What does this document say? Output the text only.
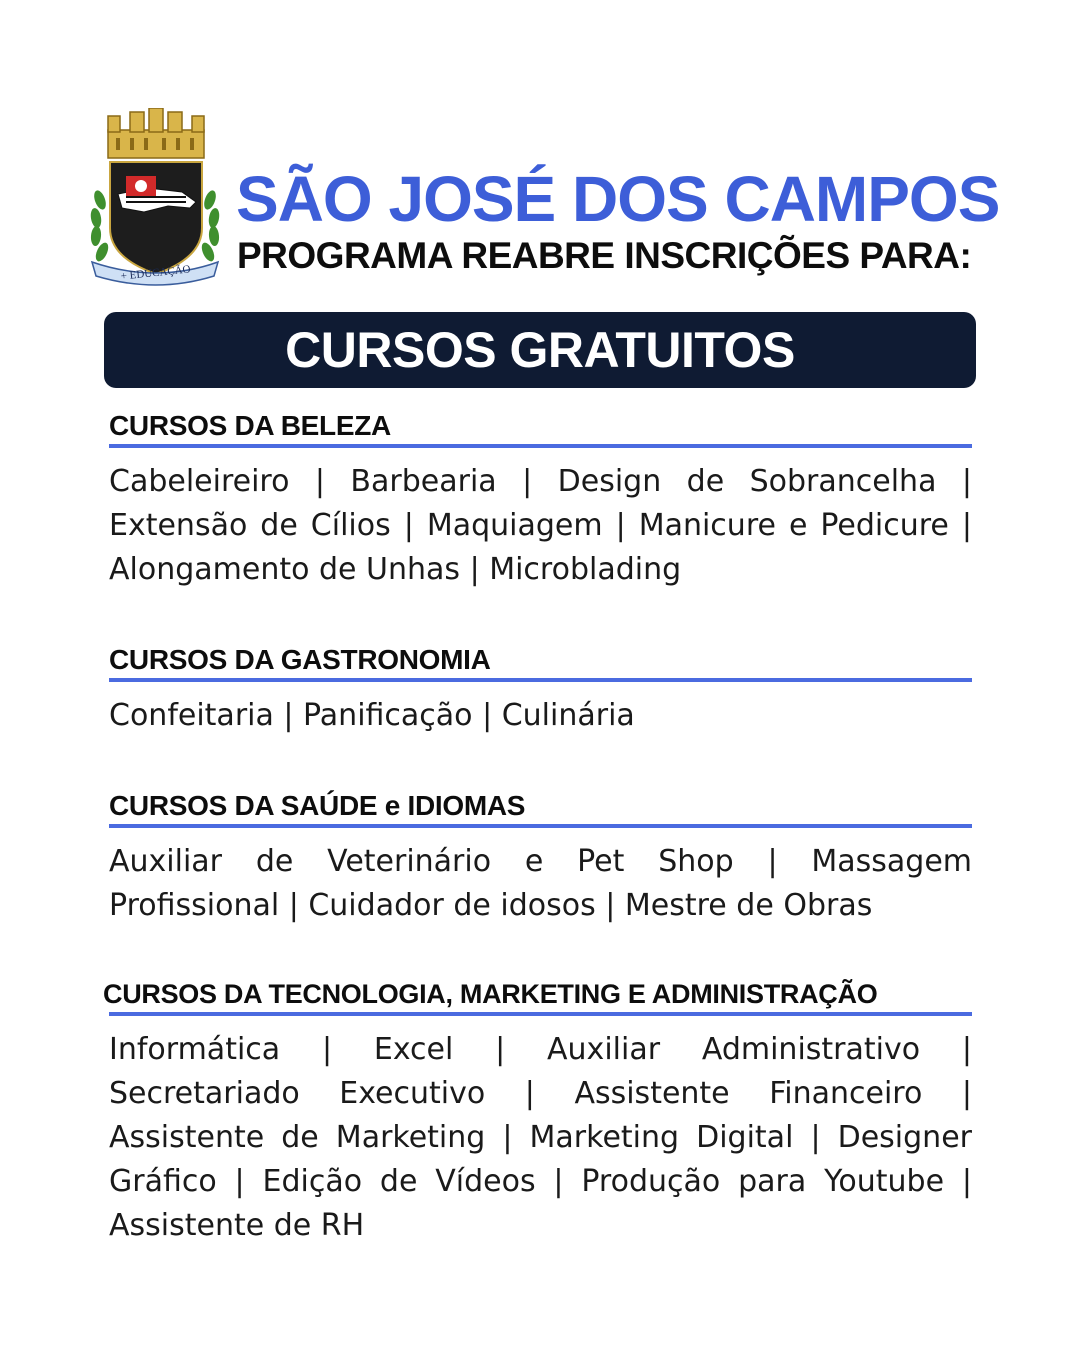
+ EDUCAÇÃO
SÃO JOSÉ DOS CAMPOS
PROGRAMA REABRE INSCRIÇÕES PARA:
CURSOS GRATUITOS
CURSOS DA BELEZA
Cabeleireiro | Barbearia | Design de Sobrancelha | Extensão de Cílios | Maquiagem | Manicure e Pedicure | Alongamento de Unhas | Microblading
CURSOS DA GASTRONOMIA
Confeitaria | Panificação | Culinária
CURSOS DA SAÚDE e IDIOMAS
Auxiliar de Veterinário e Pet Shop | Massagem Profissional | Cuidador de idosos | Mestre de Obras
CURSOS DA TECNOLOGIA, MARKETING E ADMINISTRAÇÃO
Informática | Excel | Auxiliar Administrativo | Secretariado Executivo | Assistente Financeiro | Assistente de Marketing | Marketing Digital | Designer Gráfico | Edição de Vídeos | Produção para Youtube | Assistente de RH
